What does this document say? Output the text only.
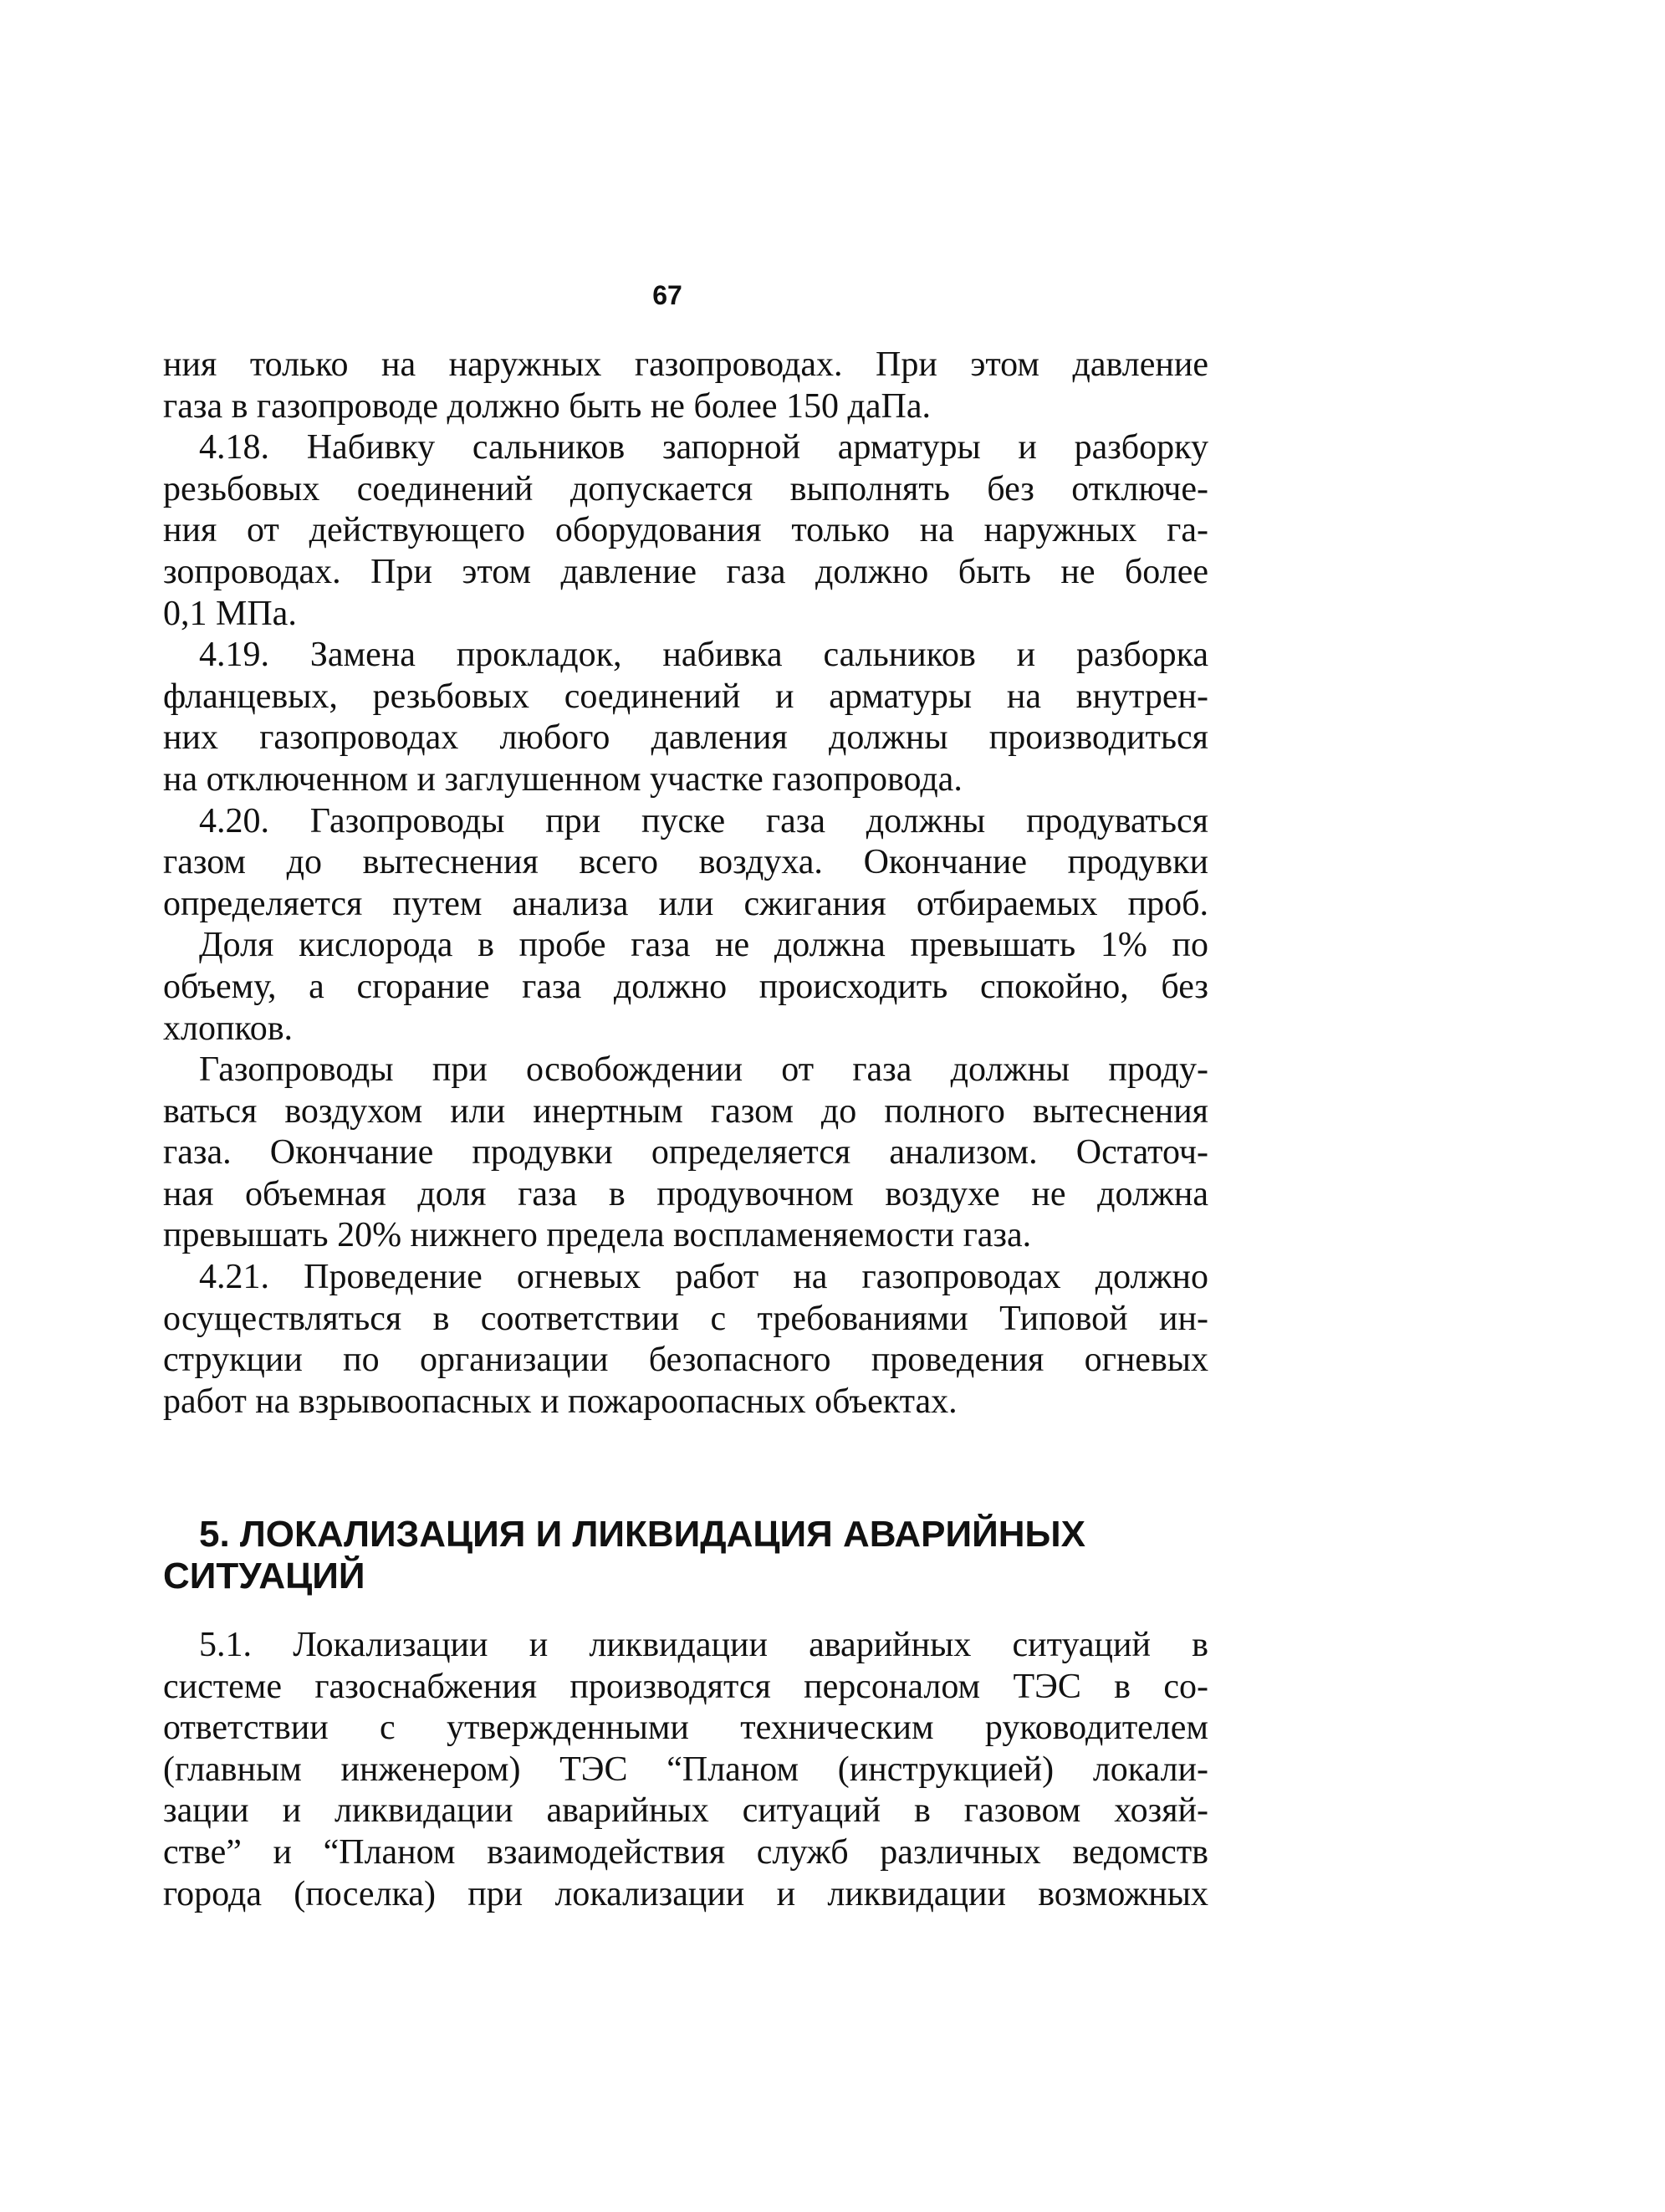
67
ния только на наружных газопроводах. При этом давление
газа в газопроводе должно быть не более 150 даПа.
4.18. Набивку сальников запорной арматуры и разборку
резьбовых соединений допускается выполнять без отключе-
ния от действующего оборудования только на наружных га-
зопроводах. При этом давление газа должно быть не более
0,1 МПа.
4.19. Замена прокладок, набивка сальников и разборка
фланцевых, резьбовых соединений и арматуры на внутрен-
них газопроводах любого давления должны производиться
на отключенном и заглушенном участке газопровода.
4.20. Газопроводы при пуске газа должны продуваться
газом до вытеснения всего воздуха. Окончание продувки
определяется путем анализа или сжигания отбираемых проб.
Доля кислорода в пробе газа не должна превышать 1% по
объему, а сгорание газа должно происходить спокойно, без
хлопков.
Газопроводы при освобождении от газа должны проду-
ваться воздухом или инертным газом до полного вытеснения
газа. Окончание продувки определяется анализом. Остаточ-
ная объемная доля газа в продувочном воздухе не должна
превышать 20% нижнего предела воспламеняемости газа.
4.21. Проведение огневых работ на газопроводах должно
осуществляться в соответствии с требованиями Типовой ин-
струкции по организации безопасного проведения огневых
работ на взрывоопасных и пожароопасных объектах.
5. ЛОКАЛИЗАЦИЯ И ЛИКВИДАЦИЯ АВАРИЙНЫХ
СИТУАЦИЙ
5.1. Локализации и ликвидации аварийных ситуаций в
системе газоснабжения производятся персоналом ТЭС в со-
ответствии с утвержденными техническим руководителем
(главным инженером) ТЭС “Планом (инструкцией) локали-
зации и ликвидации аварийных ситуаций в газовом хозяй-
стве” и “Планом взаимодействия служб различных ведомств
города (поселка) при локализации и ликвидации возможных
